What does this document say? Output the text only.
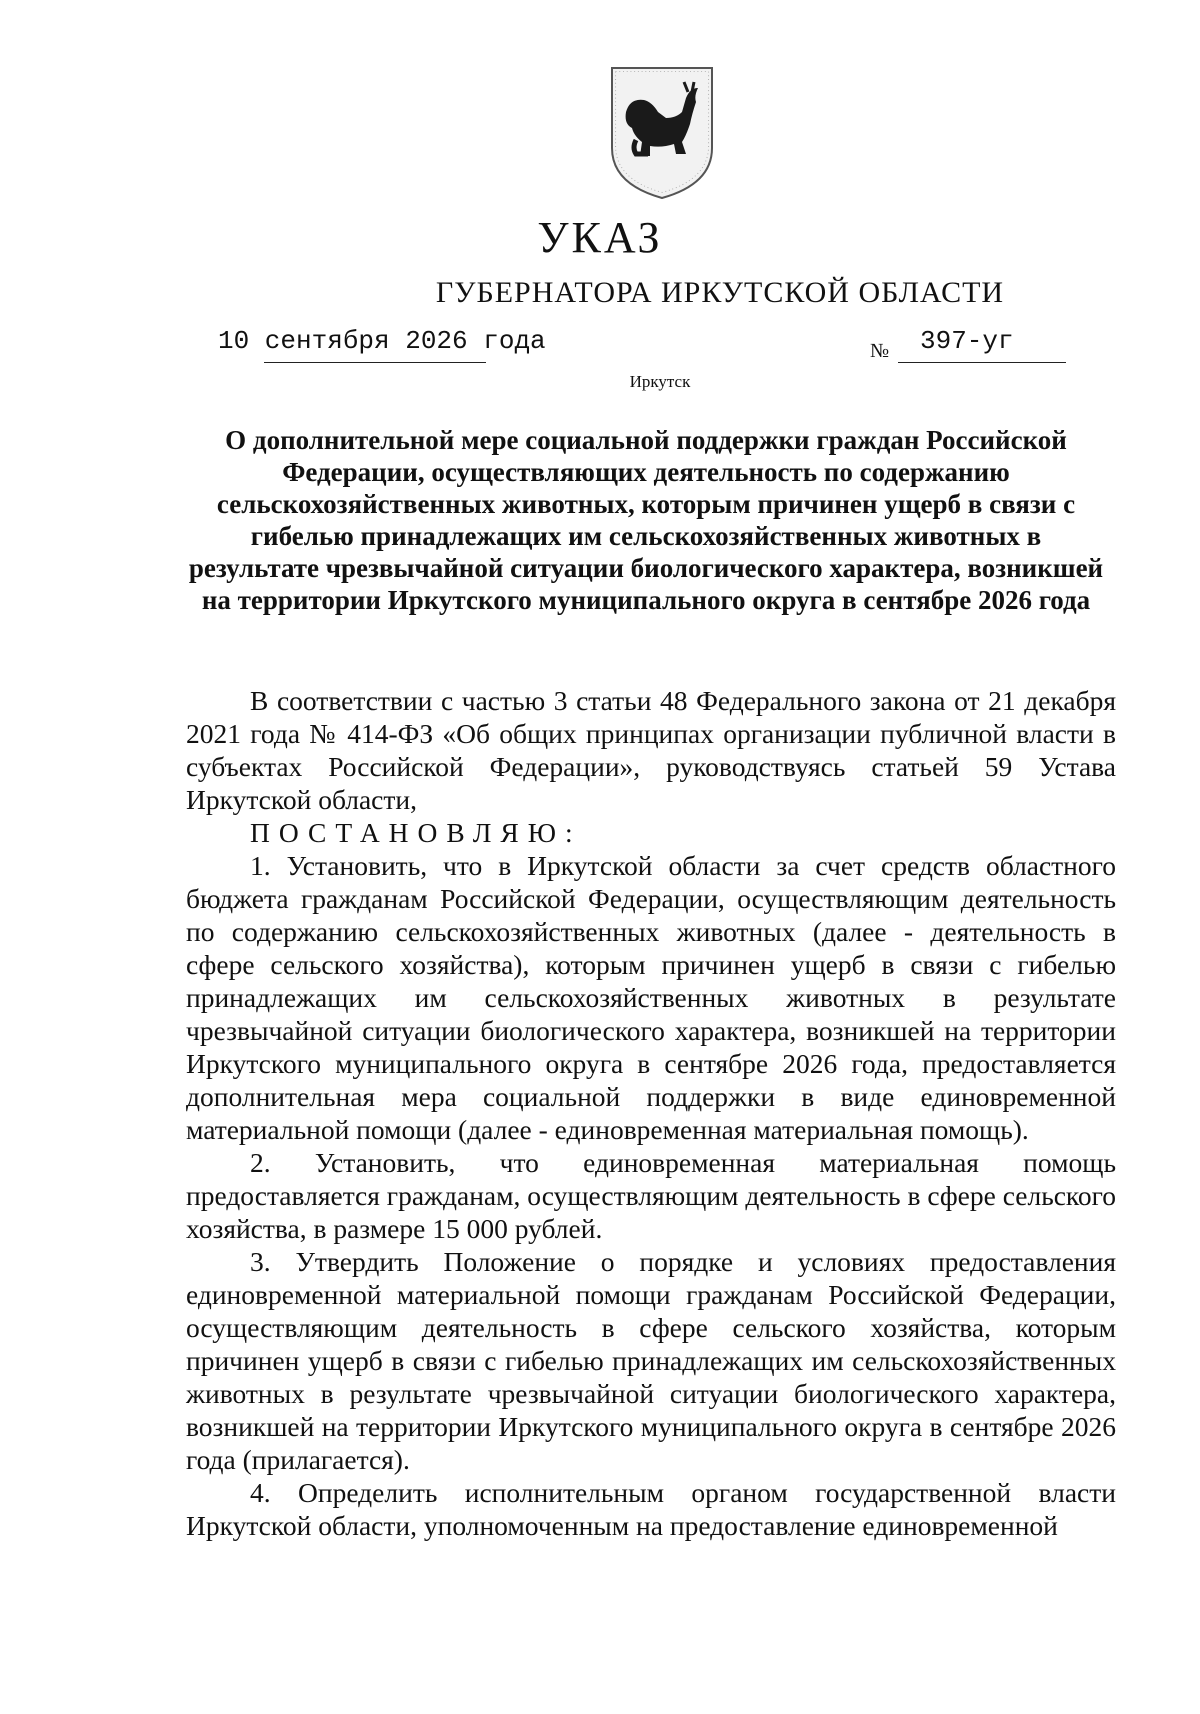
УКАЗ
ГУБЕРНАТОРА ИРКУТСКОЙ ОБЛАСТИ
10 сентября 2026 года	№ 397-уг
Иркутск
О дополнительной мере социальной поддержки граждан Российской Федерации, осуществляющих деятельность по содержанию сельскохозяйственных животных, которым причинен ущерб в связи с гибелью принадлежащих им сельскохозяйственных животных в результате чрезвычайной ситуации биологического характера, возникшей на территории Иркутского муниципального округа в сентябре 2026 года

В соответствии с частью 3 статьи 48 Федерального закона от 21 декабря 2021 года № 414-ФЗ «Об общих принципах организации публичной власти в субъектах Российской Федерации», руководствуясь статьей 59 Устава Иркутской области,

ПОСТАНОВЛЯЮ:

1. Установить, что в Иркутской области за счет средств областного бюджета гражданам Российской Федерации, осуществляющим деятельность по содержанию сельскохозяйственных животных (далее - деятельность в сфере сельского хозяйства), которым причинен ущерб в связи с гибелью принадлежащих им сельскохозяйственных животных в результате чрезвычайной ситуации биологического характера, возникшей на территории Иркутского муниципального округа в сентябре 2026 года, предоставляется дополнительная мера социальной поддержки в виде единовременной материальной помощи (далее - единовременная материальная помощь).

2. Установить, что единовременная материальная помощь предоставляется гражданам, осуществляющим деятельность в сфере сельского хозяйства, в размере 15 000 рублей.

3. Утвердить Положение о порядке и условиях предоставления единовременной материальной помощи гражданам Российской Федерации, осуществляющим деятельность в сфере сельского хозяйства, которым причинен ущерб в связи с гибелью принадлежащих им сельскохозяйственных животных в результате чрезвычайной ситуации биологического характера, возникшей на территории Иркутского муниципального округа в сентябре 2026 года (прилагается).

4. Определить исполнительным органом государственной власти Иркутской области, уполномоченным на предоставление единовременной
